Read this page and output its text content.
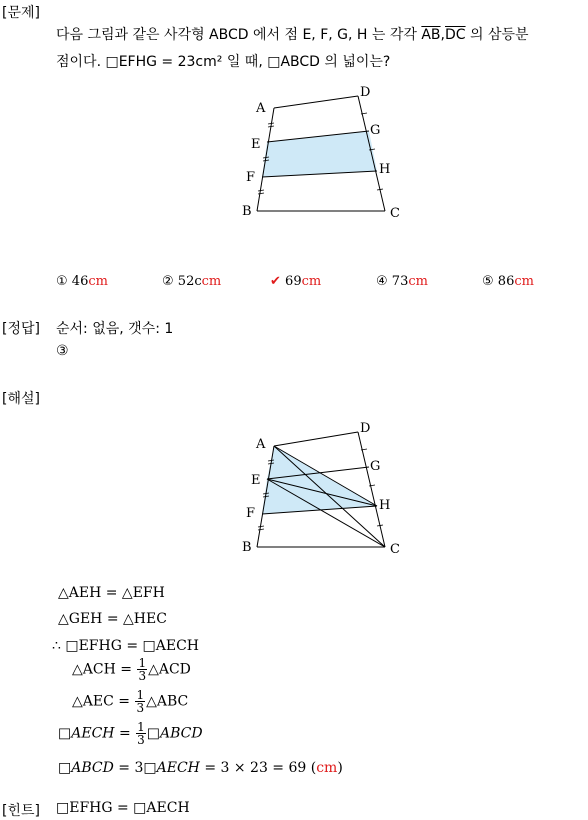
[문제]
다음 그림과 같은 사각형 ABCD 에서 점 E, F, G, H 는 각각 $\overline{AB},\overline{DC}$ 의 삼등분
점이다. □EFHG = 23cm² 일 때, □ABCD 의 넓이는?
A
D
E
G
F
H
B	C
① 46cm	② 52ccm	✔ 69cm	④ 73cm	⑤ 86cm
[정답] 순서: 없음, 갯수: 1
③
[해설]
A
D
E
G
F
H
B	C
△AEH = △EFH
△GEH = △HEC
∴ □EFHG = □AECH
△ACH = $\frac{1}{3}$ △ACD
△AEC = $\frac{1}{3}$ △ABC
□AECH = $\frac{1}{3}$ □ABCD
□ABCD = 3□AECH = 3 × 23 = 69 (cm)
[힌트] □EFHG = □AECH
